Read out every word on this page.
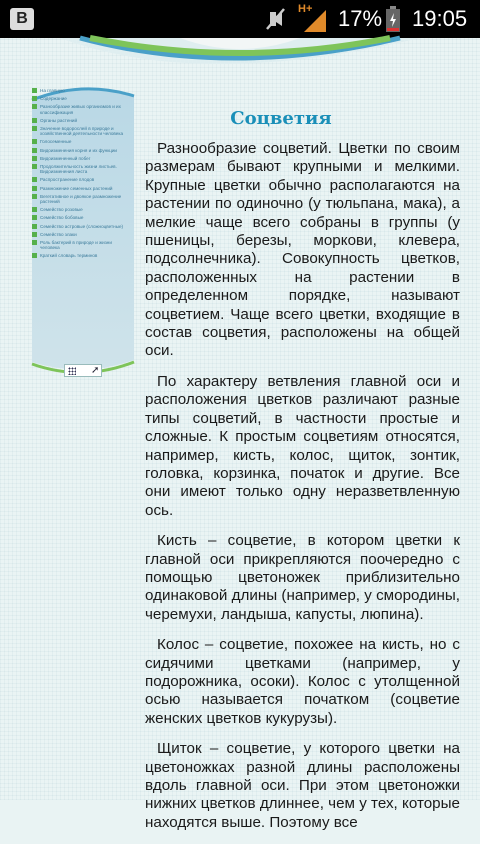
В
H+ 17% 19:05
На главную
Содержание
Разнообразие живых организмов и их классификация
Органы растений
Значение водорослей в природе и хозяйственной деятельности человека
Голосеменные
Видоизменения корня и их функции
Видоизмененный побег
Продолжительность жизни листьев. Видоизменения листа
Распространение плодов
Размножение семенных растений
Вегетативное и двоякое размножение растений
Семейство розовые
Семейство бобовые
Семейство астровые (сложноцветные)
Семейство злаки
Роль бактерий в природе и жизни человека
Краткий словарь терминов
➚
Соцветия

Разнообразие соцветий. Цветки по своим размерам бывают крупными и мелкими. Крупные цветки обычно располагаются на растении по одиночно (у тюльпана, мака), а мелкие чаще всего собраны в группы (у пшеницы, березы, моркови, клевера, подсолнечника). Совокупность цветков, расположенных на растении в определенном порядке, называют соцветием. Чаще всего цветки, входящие в состав соцветия, расположены на общей оси.

По характеру ветвления главной оси и расположения цветков различают разные типы соцветий, в частности простые и сложные. К простым соцветиям относятся, например, кисть, колос, щиток, зонтик, головка, корзинка, початок и другие. Все они имеют только одну неразветвленную ось.

Кисть – соцветие, в котором цветки к главной оси прикрепляются поочередно с помощью цветоножек приблизительно одинаковой длины (например, у смородины, черемухи, ландыша, капусты, люпина).

Колос – соцветие, похожее на кисть, но с сидячими цветками (например, у подорожника, осоки). Колос с утолщенной осью называется початком (соцветие женских цветков кукурузы).

Щиток – соцветие, у которого цветки на цветоножках разной длины расположены вдоль главной оси. При этом цветоножки нижних цветков длиннее, чем у тех, которые находятся выше. Поэтому все
